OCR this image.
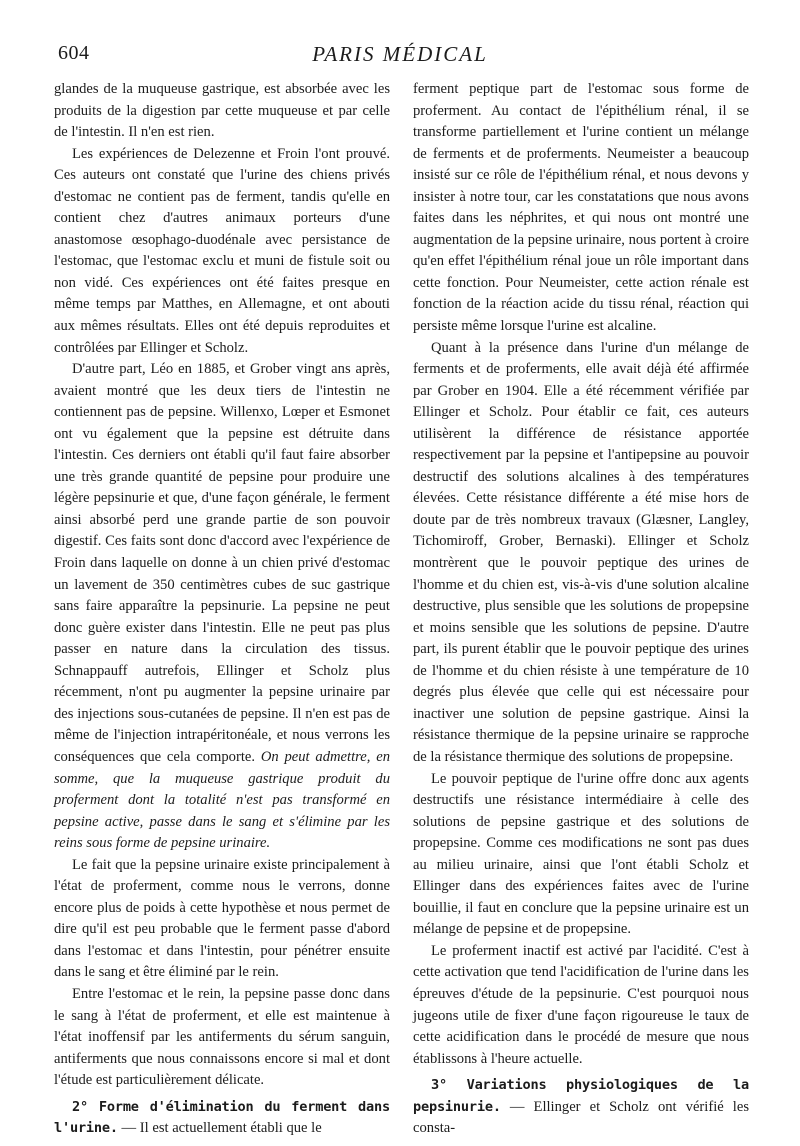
604	PARIS MÉDICAL

glandes de la muqueuse gastrique, est absorbée avec les produits de la digestion par cette muqueuse et par celle de l'intestin. Il n'en est rien.

Les expériences de Delezenne et Froin l'ont prouvé. Ces auteurs ont constaté que l'urine des chiens privés d'estomac ne contient pas de ferment, tandis qu'elle en contient chez d'autres animaux porteurs d'une anastomose œsophago-duodénale avec persistance de l'estomac, que l'estomac exclu et muni de fistule soit ou non vidé. Ces expériences ont été faites presque en même temps par Matthes, en Allemagne, et ont abouti aux mêmes résultats. Elles ont été depuis reproduites et contrôlées par Ellinger et Scholz.

D'autre part, Léo en 1885, et Grober vingt ans après, avaient montré que les deux tiers de l'intestin ne contiennent pas de pepsine. Willenxo, Lœper et Esmonet ont vu également que la pepsine est détruite dans l'intestin. Ces derniers ont établi qu'il faut faire absorber une très grande quantité de pepsine pour produire une légère pepsinurie et que, d'une façon générale, le ferment ainsi absorbé perd une grande partie de son pouvoir digestif. Ces faits sont donc d'accord avec l'expérience de Froin dans laquelle on donne à un chien privé d'estomac un lavement de 350 centimètres cubes de suc gastrique sans faire apparaître la pepsinurie. La pepsine ne peut donc guère exister dans l'intestin. Elle ne peut pas plus passer en nature dans la circulation des tissus. Schnappauff autrefois, Ellinger et Scholz plus récemment, n'ont pu augmenter la pepsine urinaire par des injections sous-cutanées de pepsine. Il n'en est pas de même de l'injection intrapéritonéale, et nous verrons les conséquences que cela comporte. On peut admettre, en somme, que la muqueuse gastrique produit du proferment dont la totalité n'est pas transformé en pepsine active, passe dans le sang et s'élimine par les reins sous forme de pepsine urinaire.

Le fait que la pepsine urinaire existe principalement à l'état de proferment, comme nous le verrons, donne encore plus de poids à cette hypothèse et nous permet de dire qu'il est peu probable que le ferment passe d'abord dans l'estomac et dans l'intestin, pour pénétrer ensuite dans le sang et être éliminé par le rein.

Entre l'estomac et le rein, la pepsine passe donc dans le sang à l'état de proferment, et elle est maintenue à l'état inoffensif par les antiferments du sérum sanguin, antiferments que nous connaissons encore si mal et dont l'étude est particulièrement délicate.

2° Forme d'élimination du ferment dans l'urine. — Il est actuellement établi que le

ferment peptique part de l'estomac sous forme de proferment. Au contact de l'épithélium rénal, il se transforme partiellement et l'urine contient un mélange de ferments et de proferments. Neumeister a beaucoup insisté sur ce rôle de l'épithélium rénal, et nous devons y insister à notre tour, car les constatations que nous avons faites dans les néphrites, et qui nous ont montré une augmentation de la pepsine urinaire, nous portent à croire qu'en effet l'épithélium rénal joue un rôle important dans cette fonction. Pour Neumeister, cette action rénale est fonction de la réaction acide du tissu rénal, réaction qui persiste même lorsque l'urine est alcaline.

Quant à la présence dans l'urine d'un mélange de ferments et de proferments, elle avait déjà été affirmée par Grober en 1904. Elle a été récemment vérifiée par Ellinger et Scholz. Pour établir ce fait, ces auteurs utilisèrent la différence de résistance apportée respectivement par la pepsine et l'antipepsine au pouvoir destructif des solutions alcalines à des températures élevées. Cette résistance différente a été mise hors de doute par de très nombreux travaux (Glæsner, Langley, Tichomiroff, Grober, Bernaski). Ellinger et Scholz montrèrent que le pouvoir peptique des urines de l'homme et du chien est, vis-à-vis d'une solution alcaline destructive, plus sensible que les solutions de propepsine et moins sensible que les solutions de pepsine. D'autre part, ils purent établir que le pouvoir peptique des urines de l'homme et du chien résiste à une température de 10 degrés plus élevée que celle qui est nécessaire pour inactiver une solution de pepsine gastrique. Ainsi la résistance thermique de la pepsine urinaire se rapproche de la résistance thermique des solutions de propepsine.

Le pouvoir peptique de l'urine offre donc aux agents destructifs une résistance intermédiaire à celle des solutions de pepsine gastrique et des solutions de propepsine. Comme ces modifications ne sont pas dues au milieu urinaire, ainsi que l'ont établi Scholz et Ellinger dans des expériences faites avec de l'urine bouillie, il faut en conclure que la pepsine urinaire est un mélange de pepsine et de propepsine.

Le proferment inactif est activé par l'acidité. C'est à cette activation que tend l'acidification de l'urine dans les épreuves d'étude de la pepsinurie. C'est pourquoi nous jugeons utile de fixer d'une façon rigoureuse le taux de cette acidification dans le procédé de mesure que nous établissons à l'heure actuelle.

3° Variations physiologiques de la pepsinurie. — Ellinger et Scholz ont vérifié les consta-
